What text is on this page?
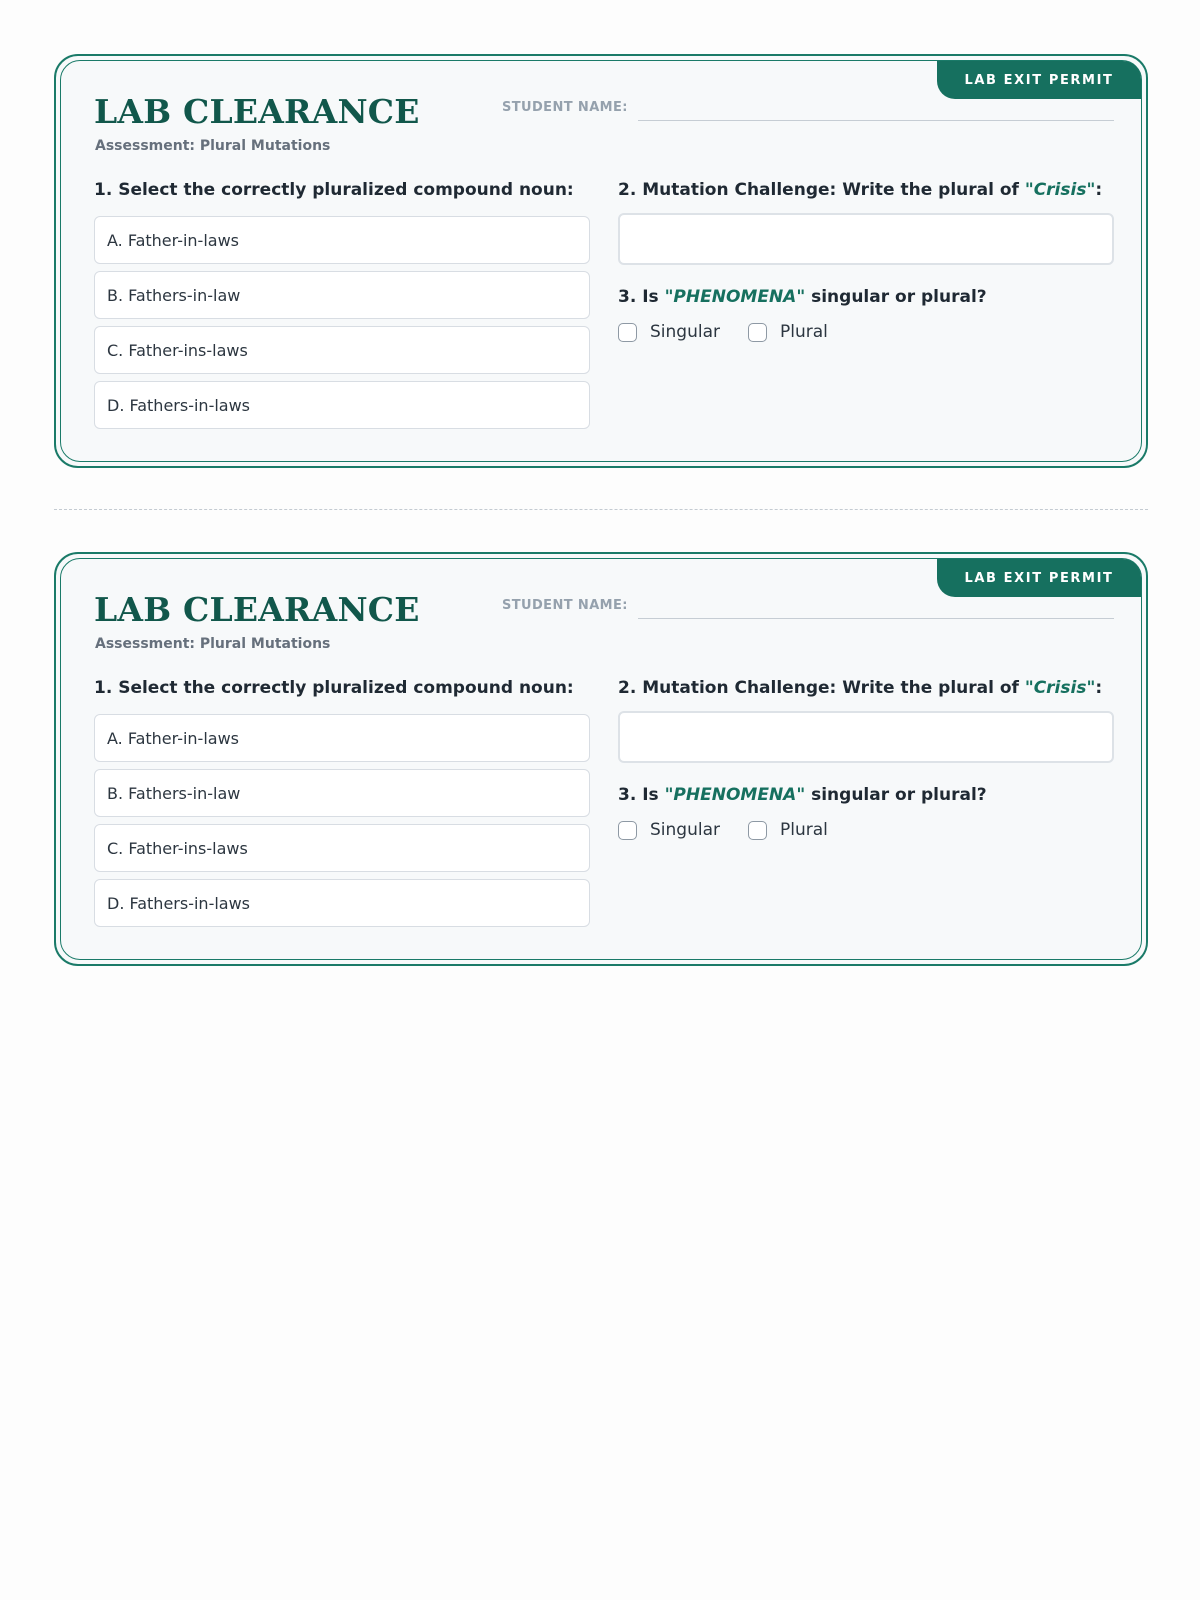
LAB EXIT PERMIT
LAB CLEARANCE
Assessment: Plural Mutations
STUDENT NAME:
1. Select the correctly pluralized compound noun:
A. Father-in-laws
B. Fathers-in-law
C. Father-ins-laws
D. Fathers-in-laws
2. Mutation Challenge: Write the plural of "Crisis":
3. Is "PHENOMENA" singular or plural?
Singular	Plural
LAB EXIT PERMIT
LAB CLEARANCE
Assessment: Plural Mutations
STUDENT NAME:
1. Select the correctly pluralized compound noun:
A. Father-in-laws
B. Fathers-in-law
C. Father-ins-laws
D. Fathers-in-laws
2. Mutation Challenge: Write the plural of "Crisis":
3. Is "PHENOMENA" singular or plural?
Singular	Plural
